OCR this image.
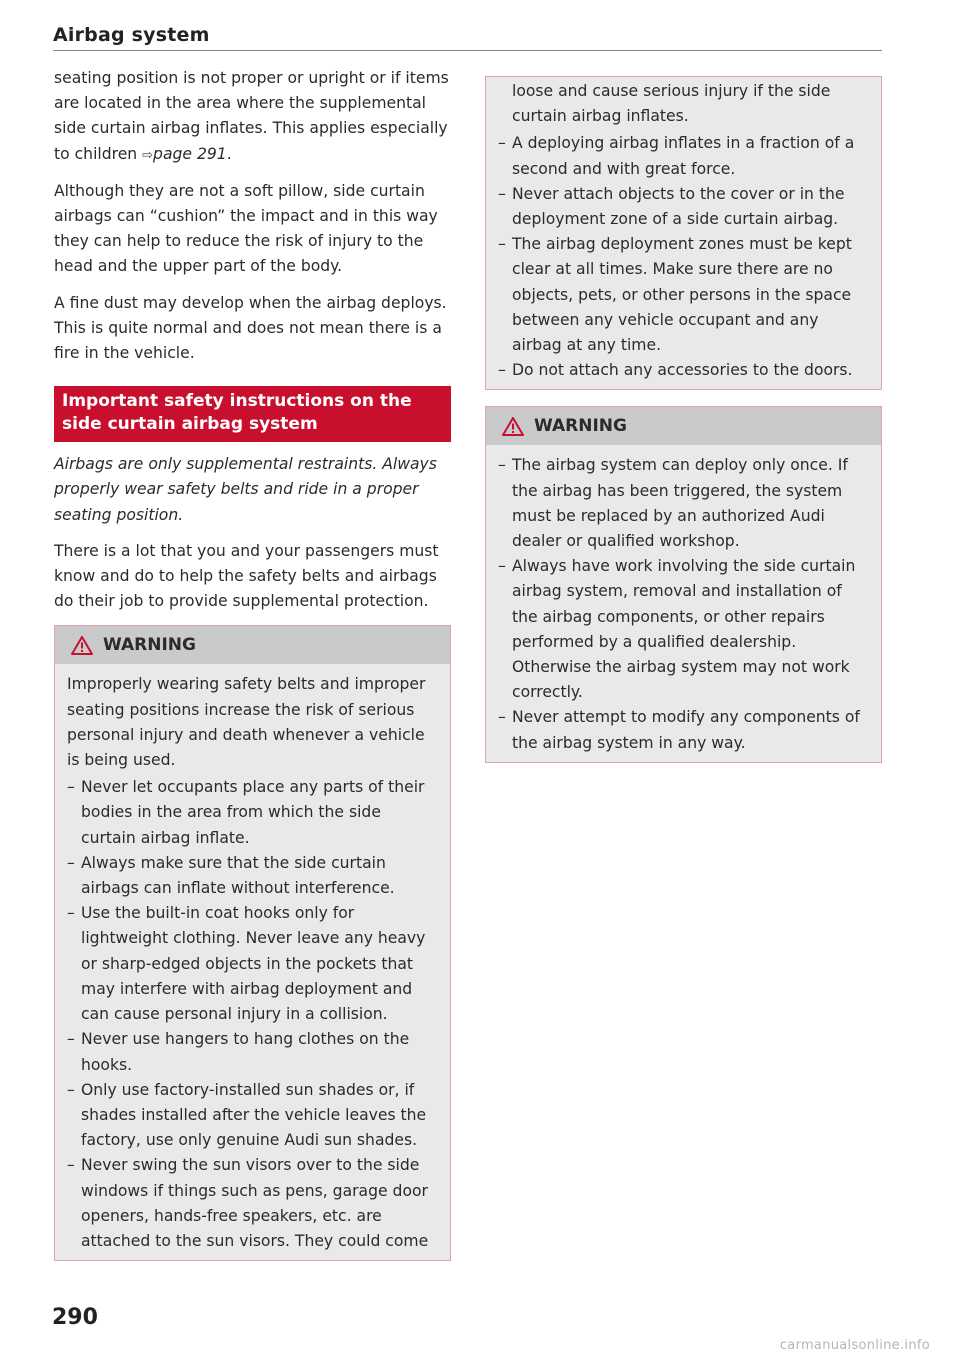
Airbag system

seating position is not proper or upright or if items are located in the area where the supplemental side curtain airbag inflates. This applies especially to children ⇨page 291.

Although they are not a soft pillow, side curtain airbags can “cushion” the impact and in this way they can help to reduce the risk of injury to the head and the upper part of the body.

A fine dust may develop when the airbag deploys. This is quite normal and does not mean there is a fire in the vehicle.

Important safety instructions on the side curtain airbag system

Airbags are only supplemental restraints. Always properly wear safety belts and ride in a proper seating position.

There is a lot that you and your passengers must know and do to help the safety belts and airbags do their job to provide supplemental protection.

WARNING

Improperly wearing safety belts and improper seating positions increase the risk of serious personal injury and death whenever a vehicle is being used.

– Never let occupants place any parts of their bodies in the area from which the side curtain airbag inflate.
– Always make sure that the side curtain airbags can inflate without interference.
– Use the built-in coat hooks only for lightweight clothing. Never leave any heavy or sharp-edged objects in the pockets that may interfere with airbag deployment and can cause personal injury in a collision.
– Never use hangers to hang clothes on the hooks.
– Only use factory-installed sun shades or, if shades installed after the vehicle leaves the factory, use only genuine Audi sun shades.
– Never swing the sun visors over to the side windows if things such as pens, garage door openers, hands-free speakers, etc. are attached to the sun visors. They could come

loose and cause serious injury if the side curtain airbag inflates.

– A deploying airbag inflates in a fraction of a second and with great force.
– Never attach objects to the cover or in the deployment zone of a side curtain airbag.
– The airbag deployment zones must be kept clear at all times. Make sure there are no objects, pets, or other persons in the space between any vehicle occupant and any airbag at any time.
– Do not attach any accessories to the doors.
WARNING
– The airbag system can deploy only once. If the airbag has been triggered, the system must be replaced by an authorized Audi dealer or qualified workshop.
– Always have work involving the side curtain airbag system, removal and installation of the airbag components, or other repairs performed by a qualified dealership. Otherwise the airbag system may not work correctly.
– Never attempt to modify any components of the airbag system in any way.
290
carmanualsonline.info
